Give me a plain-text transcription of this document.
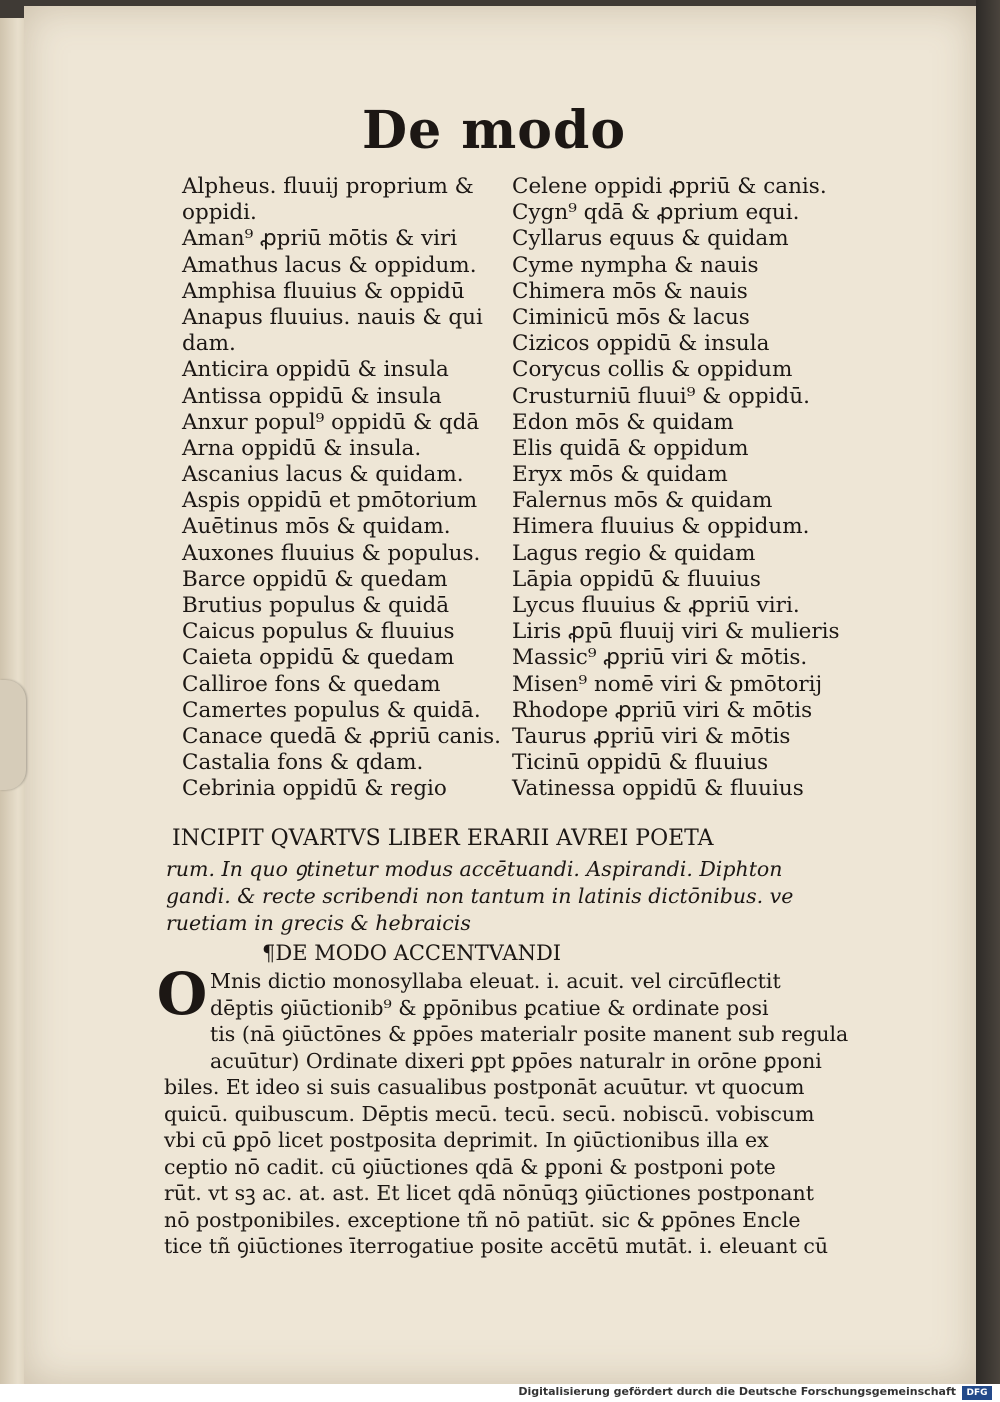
De modo
Alpheus. fluuij proprium &
oppidi.
Aman⁹ ꝓpriū mōtis & viri
Amathus lacus & oppidum.
Amphisa fluuius & oppidū
Anapus fluuius. nauis & qui
dam.
Anticira oppidū & insula
Antissa oppidū & insula
Anxur popul⁹ oppidū & qdā
Arna oppidū & insula.
Ascanius lacus & quidam.
Aspis oppidū et pmōtorium
Auētinus mōs & quidam.
Auxones fluuius & populus.
Barce oppidū & quedam
Brutius populus & quidā
Caicus populus & fluuius
Caieta oppidū & quedam
Calliroe fons & quedam
Camertes populus & quidā.
Canace quedā & ꝓpriū canis.
Castalia fons & qdam.
Cebrinia oppidū & regio
Celene oppidi ꝓpriū & canis.
Cygn⁹ qdā & ꝓprium equi.
Cyllarus equus & quidam
Cyme nympha & nauis
Chimera mōs & nauis
Ciminicū mōs & lacus
Cizicos oppidū & insula
Corycus collis & oppidum
Crusturniū fluui⁹ & oppidū.
Edon mōs & quidam
Elis quidā & oppidum
Eryx mōs & quidam
Falernus mōs & quidam
Himera fluuius & oppidum.
Lagus regio & quidam
Lāpia oppidū & fluuius
Lycus fluuius & ꝓpriū viri.
Liris ꝓpū fluuij viri & mulieris
Massic⁹ ꝓpriū viri & mōtis.
Misen⁹ nomē viri & pmōtorij
Rhodope ꝓpriū viri & mōtis
Taurus ꝓpriū viri & mōtis
Ticinū oppidū & fluuius
Vatinessa oppidū & fluuius
INCIPIT QVARTVS LIBER ERARII AVREI POETA
rum. In quo ꝯtinetur modus accētuandi. Aspirandi. Diphton
gandi. & recte scribendi non tantum in latinis dictōnibus. ve
ruetiam in grecis & hebraicis
¶DE MODO ACCENTVANDI
O Mnis dictio monosyllaba eleuat. i. acuit. vel circūflectit
dēptis ꝯiūctionib⁹ & ꝑpōnibus ꝑcatiue & ordinate posi
tis (nā ꝯiūctōnes & ꝑpōes materialr posite manent sub regula
acuūtur) Ordinate dixeri ꝑpt ꝑpōes naturalr in orōne ꝑponi
biles. Et ideo si suis casualibus postponāt acuūtur. vt quocum
quicū. quibuscum. Dēptis mecū. tecū. secū. nobiscū. vobiscum
vbi cū ꝑpō licet postposita deprimit. In ꝯiūctionibus illa ex
ceptio nō cadit. cū ꝯiūctiones qdā & ꝑponi & postponi pote
rūt. vt sꝫ ac. at. ast. Et licet qdā nōnūqꝫ ꝯiūctiones postponant
nō postponibiles. exceptione tñ nō patiūt. sic & ꝑpōnes Encle
tice tñ ꝯiūctiones īterrogatiue posite accētū mutāt. i. eleuant cū
Digitalisierung gefördert durch die Deutsche Forschungsgemeinschaft	DFG
